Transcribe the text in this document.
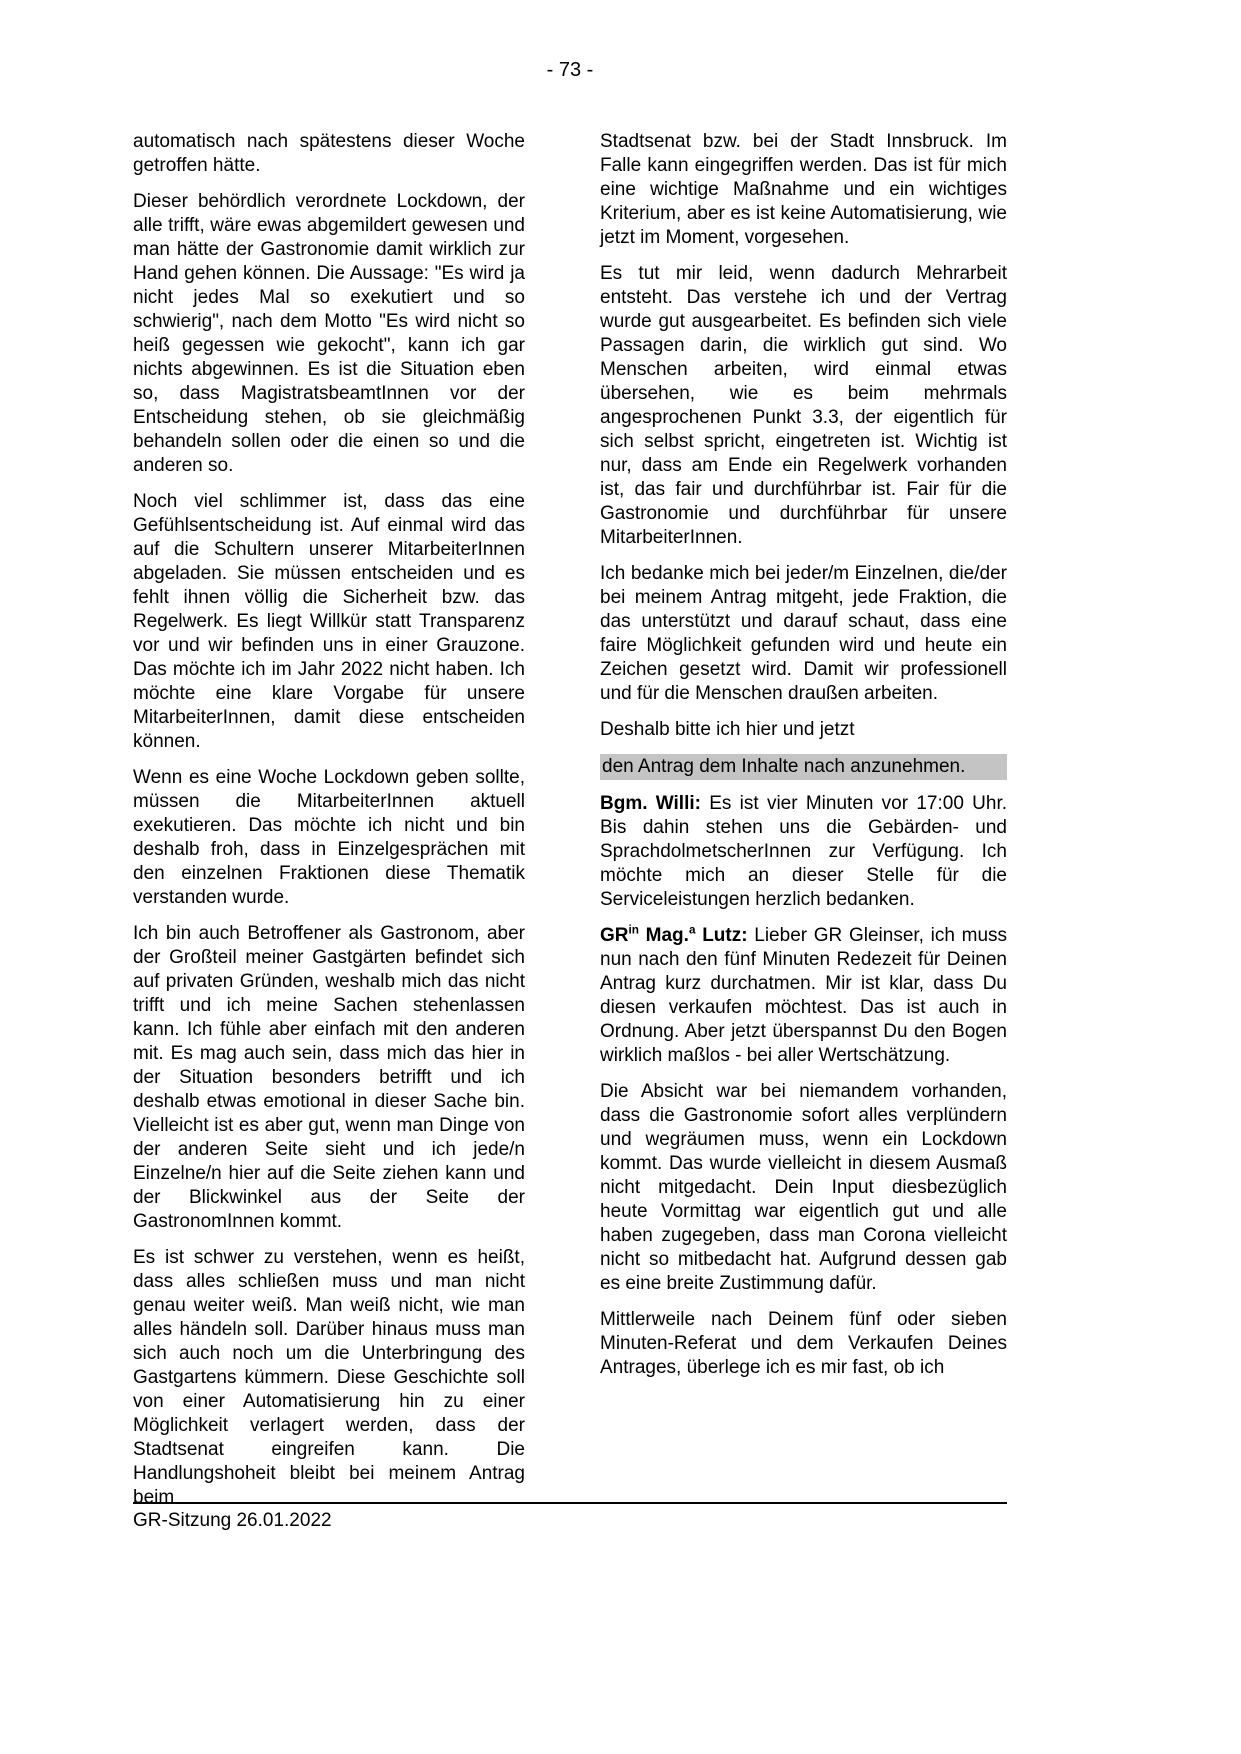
- 73 -

automatisch nach spätestens dieser Woche getroffen hätte.

Dieser behördlich verordnete Lockdown, der alle trifft, wäre ewas abgemildert gewesen und man hätte der Gastronomie damit wirklich zur Hand gehen können. Die Aussage: "Es wird ja nicht jedes Mal so exekutiert und so schwierig", nach dem Motto "Es wird nicht so heiß gegessen wie gekocht", kann ich gar nichts abgewinnen. Es ist die Situation eben so, dass MagistratsbeamtInnen vor der Entscheidung stehen, ob sie gleichmäßig behandeln sollen oder die einen so und die anderen so.

Noch viel schlimmer ist, dass das eine Gefühlsentscheidung ist. Auf einmal wird das auf die Schultern unserer MitarbeiterInnen abgeladen. Sie müssen entscheiden und es fehlt ihnen völlig die Sicherheit bzw. das Regelwerk. Es liegt Willkür statt Transparenz vor und wir befinden uns in einer Grauzone. Das möchte ich im Jahr 2022 nicht haben. Ich möchte eine klare Vorgabe für unsere MitarbeiterInnen, damit diese entscheiden können.

Wenn es eine Woche Lockdown geben sollte, müssen die MitarbeiterInnen aktuell exekutieren. Das möchte ich nicht und bin deshalb froh, dass in Einzelgesprächen mit den einzelnen Fraktionen diese Thematik verstanden wurde.

Ich bin auch Betroffener als Gastronom, aber der Großteil meiner Gastgärten befindet sich auf privaten Gründen, weshalb mich das nicht trifft und ich meine Sachen stehenlassen kann. Ich fühle aber einfach mit den anderen mit. Es mag auch sein, dass mich das hier in der Situation besonders betrifft und ich deshalb etwas emotional in dieser Sache bin. Vielleicht ist es aber gut, wenn man Dinge von der anderen Seite sieht und ich jede/n Einzelne/n hier auf die Seite ziehen kann und der Blickwinkel aus der Seite der GastronomInnen kommt.

Es ist schwer zu verstehen, wenn es heißt, dass alles schließen muss und man nicht genau weiter weiß. Man weiß nicht, wie man alles händeln soll. Darüber hinaus muss man sich auch noch um die Unterbringung des Gastgartens kümmern. Diese Geschichte soll von einer Automatisierung hin zu einer Möglichkeit verlagert werden, dass der Stadtsenat eingreifen kann. Die Handlungshoheit bleibt bei meinem Antrag beim

Stadtsenat bzw. bei der Stadt Innsbruck. Im Falle kann eingegriffen werden. Das ist für mich eine wichtige Maßnahme und ein wichtiges Kriterium, aber es ist keine Automatisierung, wie jetzt im Moment, vorgesehen.

Es tut mir leid, wenn dadurch Mehrarbeit entsteht. Das verstehe ich und der Vertrag wurde gut ausgearbeitet. Es befinden sich viele Passagen darin, die wirklich gut sind. Wo Menschen arbeiten, wird einmal etwas übersehen, wie es beim mehrmals angesprochenen Punkt 3.3, der eigentlich für sich selbst spricht, eingetreten ist. Wichtig ist nur, dass am Ende ein Regelwerk vorhanden ist, das fair und durchführbar ist. Fair für die Gastronomie und durchführbar für unsere MitarbeiterInnen.

Ich bedanke mich bei jeder/m Einzelnen, die/der bei meinem Antrag mitgeht, jede Fraktion, die das unterstützt und darauf schaut, dass eine faire Möglichkeit gefunden wird und heute ein Zeichen gesetzt wird. Damit wir professionell und für die Menschen draußen arbeiten.

Deshalb bitte ich hier und jetzt

den Antrag dem Inhalte nach anzunehmen.

Bgm. Willi: Es ist vier Minuten vor 17:00 Uhr. Bis dahin stehen uns die Gebärden- und SprachdolmetscherInnen zur Verfügung. Ich möchte mich an dieser Stelle für die Serviceleistungen herzlich bedanken.

$GR^{in}$ Mag.$^a$ Lutz: Lieber GR Gleinser, ich muss nun nach den fünf Minuten Redezeit für Deinen Antrag kurz durchatmen. Mir ist klar, dass Du diesen verkaufen möchtest. Das ist auch in Ordnung. Aber jetzt überspannst Du den Bogen wirklich maßlos - bei aller Wertschätzung.

Die Absicht war bei niemandem vorhanden, dass die Gastronomie sofort alles verplündern und wegräumen muss, wenn ein Lockdown kommt. Das wurde vielleicht in diesem Ausmaß nicht mitgedacht. Dein Input diesbezüglich heute Vormittag war eigentlich gut und alle haben zugegeben, dass man Corona vielleicht nicht so mitbedacht hat. Aufgrund dessen gab es eine breite Zustimmung dafür.

Mittlerweile nach Deinem fünf oder sieben Minuten-Referat und dem Verkaufen Deines Antrages, überlege ich es mir fast, ob ich

GR-Sitzung 26.01.2022
